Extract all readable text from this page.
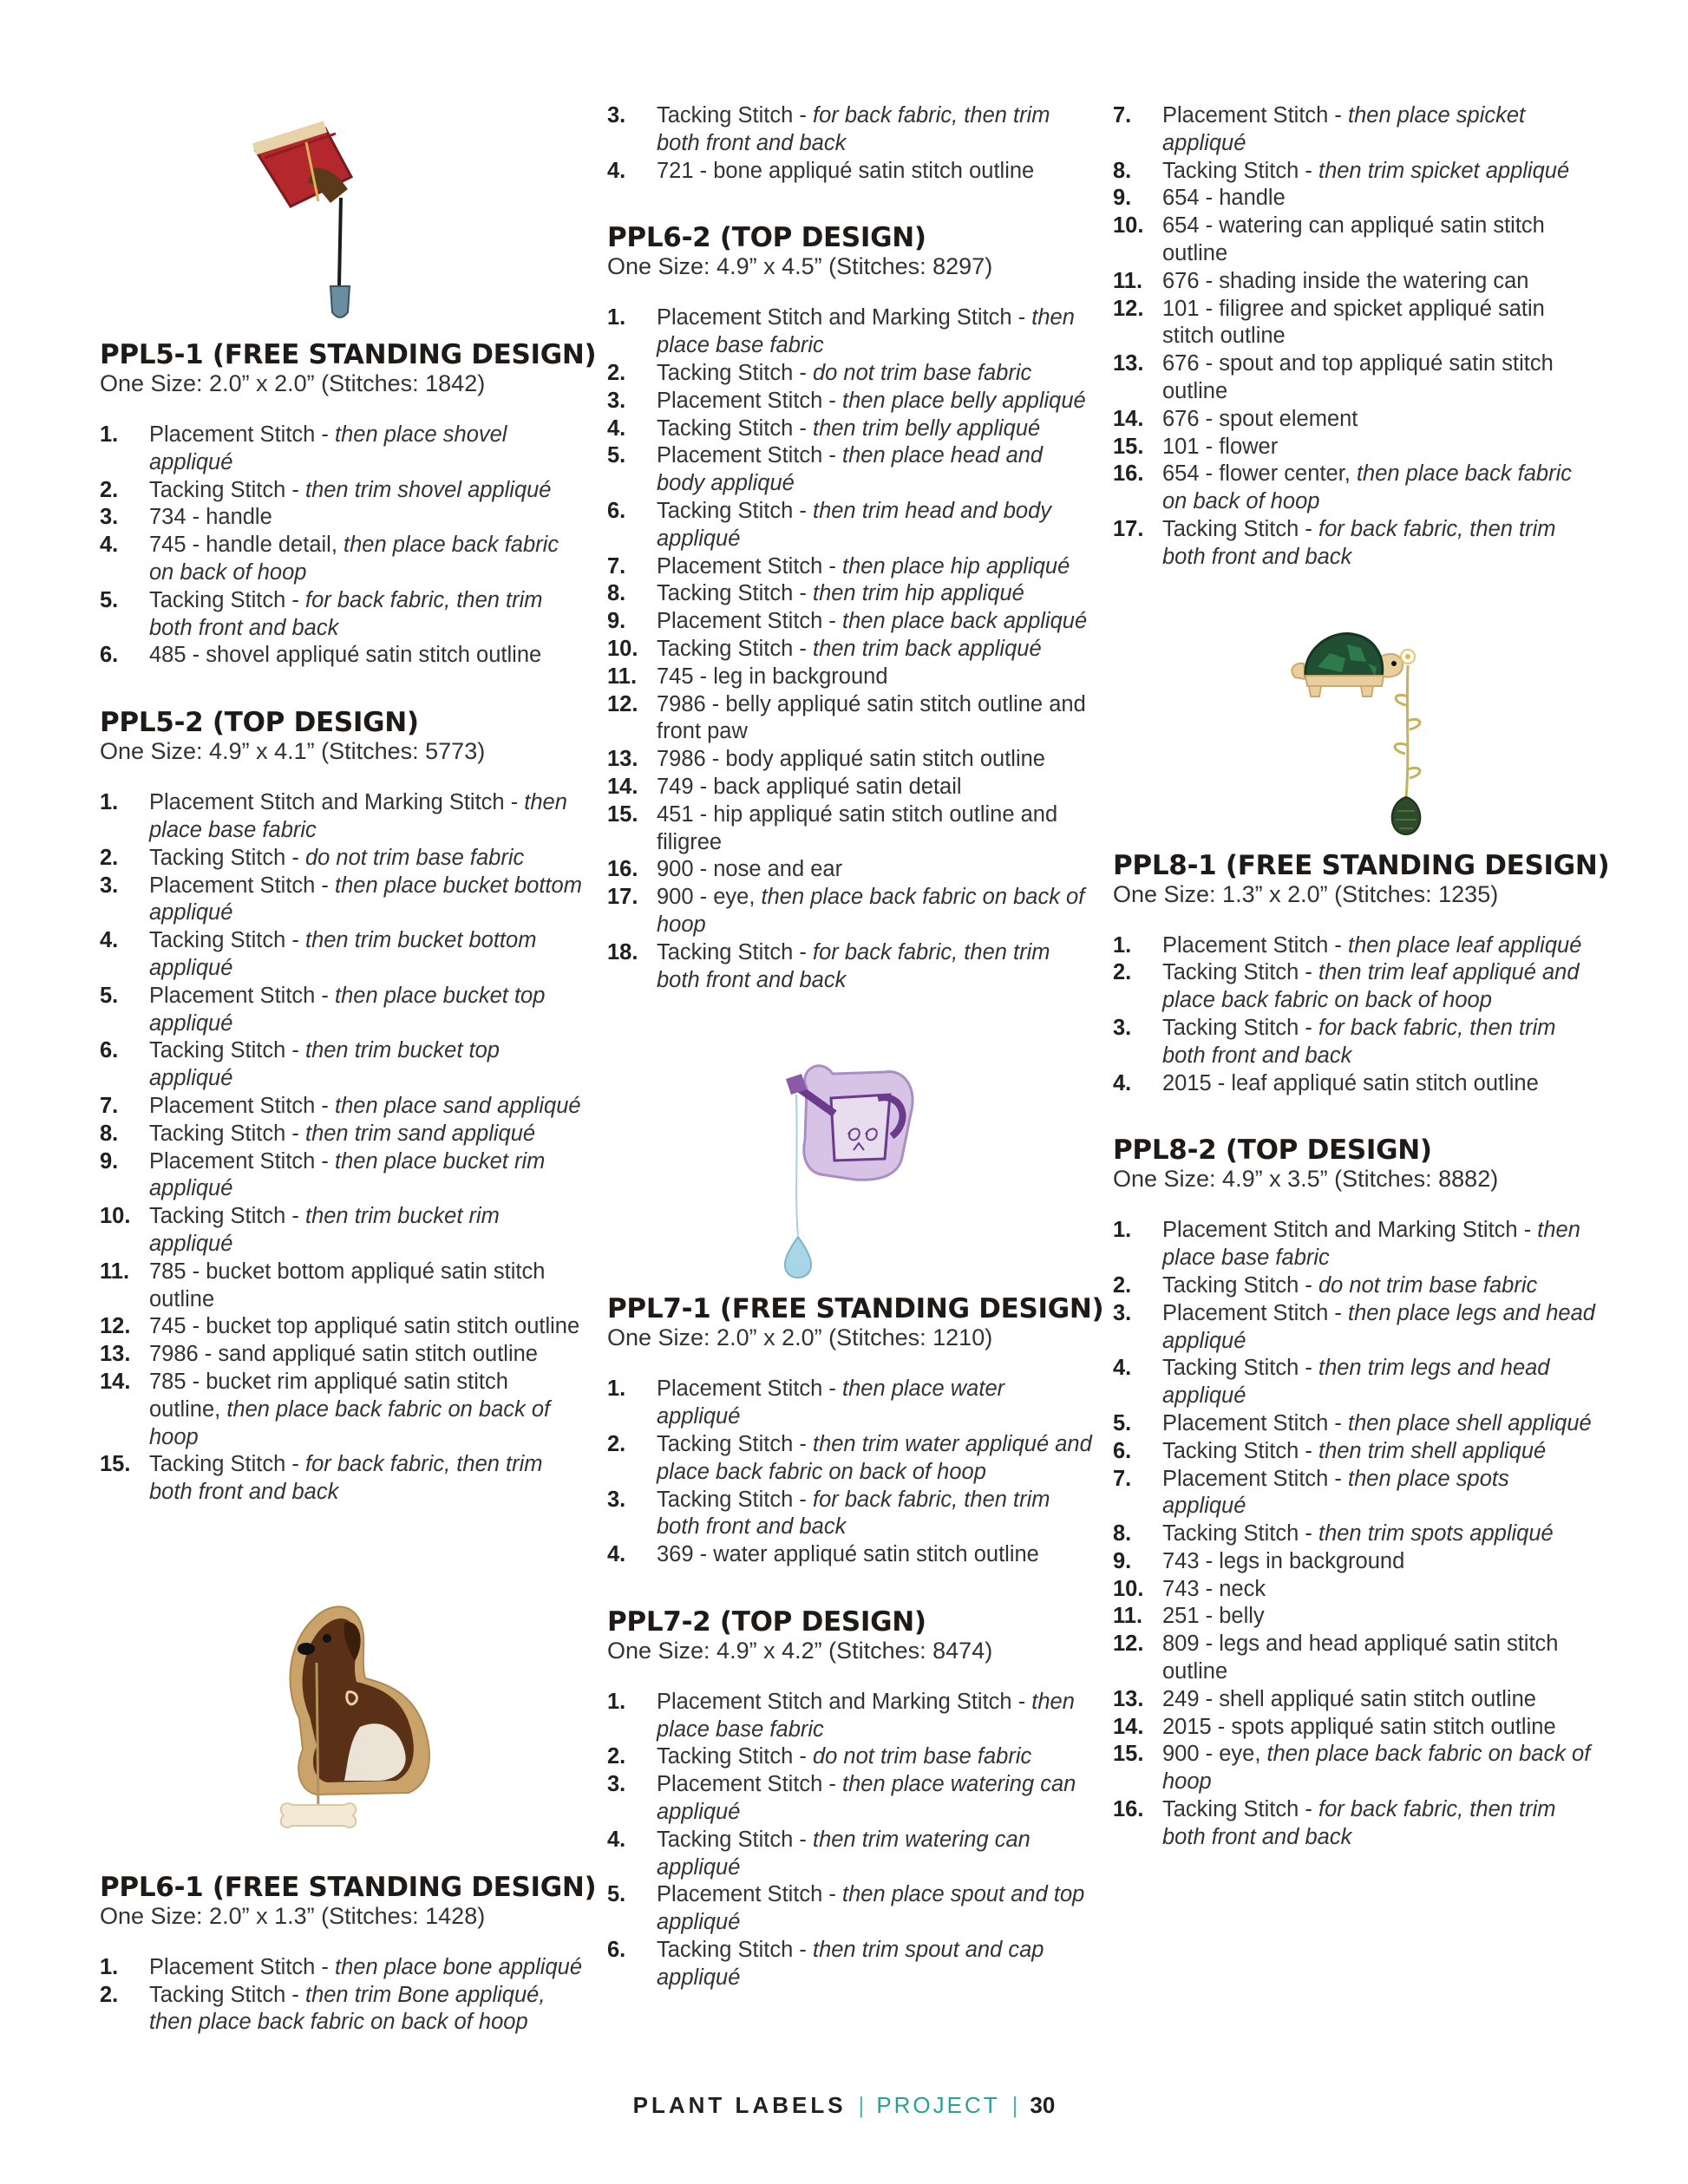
PPL5-1 (FREE STANDING DESIGN)

One Size: 2.0” x 2.0” (Stitches: 1842)

1. Placement Stitch - then place shovel appliqué
2. Tacking Stitch - then trim shovel appliqué
3. 734 - handle
4. 745 - handle detail, then place back fabric on back of hoop
5. Tacking Stitch - for back fabric, then trim both front and back
6. 485 - shovel appliqué satin stitch outline
PPL5-2 (TOP DESIGN)

One Size: 4.9” x 4.1” (Stitches: 5773)

1. Placement Stitch and Marking Stitch - then place base fabric
2. Tacking Stitch - do not trim base fabric
3. Placement Stitch - then place bucket bottom appliqué
4. Tacking Stitch - then trim bucket bottom appliqué
5. Placement Stitch - then place bucket top appliqué
6. Tacking Stitch - then trim bucket top appliqué
7. Placement Stitch - then place sand appliqué
8. Tacking Stitch - then trim sand appliqué
9. Placement Stitch - then place bucket rim appliqué
10. Tacking Stitch - then trim bucket rim appliqué
11. 785 - bucket bottom appliqué satin stitch outline
12. 745 - bucket top appliqué satin stitch outline
13. 7986 - sand appliqué satin stitch outline
14. 785 - bucket rim appliqué satin stitch outline, then place back fabric on back of hoop
15. Tacking Stitch - for back fabric, then trim both front and back
PPL6-1 (FREE STANDING DESIGN)

One Size: 2.0” x 1.3” (Stitches: 1428)

1. Placement Stitch - then place bone appliqué
2. Tacking Stitch - then trim Bone appliqué, then place back fabric on back of hoop
3. Tacking Stitch - for back fabric, then trim both front and back
4. 721 - bone appliqué satin stitch outline
PPL6-2 (TOP DESIGN)

One Size: 4.9” x 4.5” (Stitches: 8297)

1. Placement Stitch and Marking Stitch - then place base fabric
2. Tacking Stitch - do not trim base fabric
3. Placement Stitch - then place belly appliqué
4. Tacking Stitch - then trim belly appliqué
5. Placement Stitch - then place head and body appliqué
6. Tacking Stitch - then trim head and body appliqué
7. Placement Stitch - then place hip appliqué
8. Tacking Stitch - then trim hip appliqué
9. Placement Stitch - then place back appliqué
10. Tacking Stitch - then trim back appliqué
11. 745 - leg in background
12. 7986 - belly appliqué satin stitch outline and front paw
13. 7986 - body appliqué satin stitch outline
14. 749 - back appliqué satin detail
15. 451 - hip appliqué satin stitch outline and filigree
16. 900 - nose and ear
17. 900 - eye, then place back fabric on back of hoop
18. Tacking Stitch - for back fabric, then trim both front and back
PPL7-1 (FREE STANDING DESIGN)

One Size: 2.0” x 2.0” (Stitches: 1210)

1. Placement Stitch - then place water appliqué
2. Tacking Stitch - then trim water appliqué and place back fabric on back of hoop
3. Tacking Stitch - for back fabric, then trim both front and back
4. 369 - water appliqué satin stitch outline
PPL7-2 (TOP DESIGN)

One Size: 4.9” x 4.2” (Stitches: 8474)

1. Placement Stitch and Marking Stitch - then place base fabric
2. Tacking Stitch - do not trim base fabric
3. Placement Stitch - then place watering can appliqué
4. Tacking Stitch - then trim watering can appliqué
5. Placement Stitch - then place spout and top appliqué
6. Tacking Stitch - then trim spout and cap appliqué
7. Placement Stitch - then place spicket appliqué
8. Tacking Stitch - then trim spicket appliqué
9. 654 - handle
10. 654 - watering can appliqué satin stitch outline
11. 676 - shading inside the watering can
12. 101 - filigree and spicket appliqué satin stitch outline
13. 676 - spout and top appliqué satin stitch outline
14. 676 - spout element
15. 101 - flower
16. 654 - flower center, then place back fabric on back of hoop
17. Tacking Stitch - for back fabric, then trim both front and back
PPL8-1 (FREE STANDING DESIGN)

One Size: 1.3” x 2.0” (Stitches: 1235)

1. Placement Stitch - then place leaf appliqué
2. Tacking Stitch - then trim leaf appliqué and place back fabric on back of hoop
3. Tacking Stitch - for back fabric, then trim both front and back
4. 2015 - leaf appliqué satin stitch outline
PPL8-2 (TOP DESIGN)

One Size: 4.9” x 3.5” (Stitches: 8882)

1. Placement Stitch and Marking Stitch - then place base fabric
2. Tacking Stitch - do not trim base fabric
3. Placement Stitch - then place legs and head appliqué
4. Tacking Stitch - then trim legs and head appliqué
5. Placement Stitch - then place shell appliqué
6. Tacking Stitch - then trim shell appliqué
7. Placement Stitch - then place spots appliqué
8. Tacking Stitch - then trim spots appliqué
9. 743 - legs in background
10. 743 - neck
11. 251 - belly
12. 809 - legs and head appliqué satin stitch outline
13. 249 - shell appliqué satin stitch outline
14. 2015 - spots appliqué satin stitch outline
15. 900 - eye, then place back fabric on back of hoop
16. Tacking Stitch - for back fabric, then trim both front and back
PLANT LABELS | PROJECT | 30
